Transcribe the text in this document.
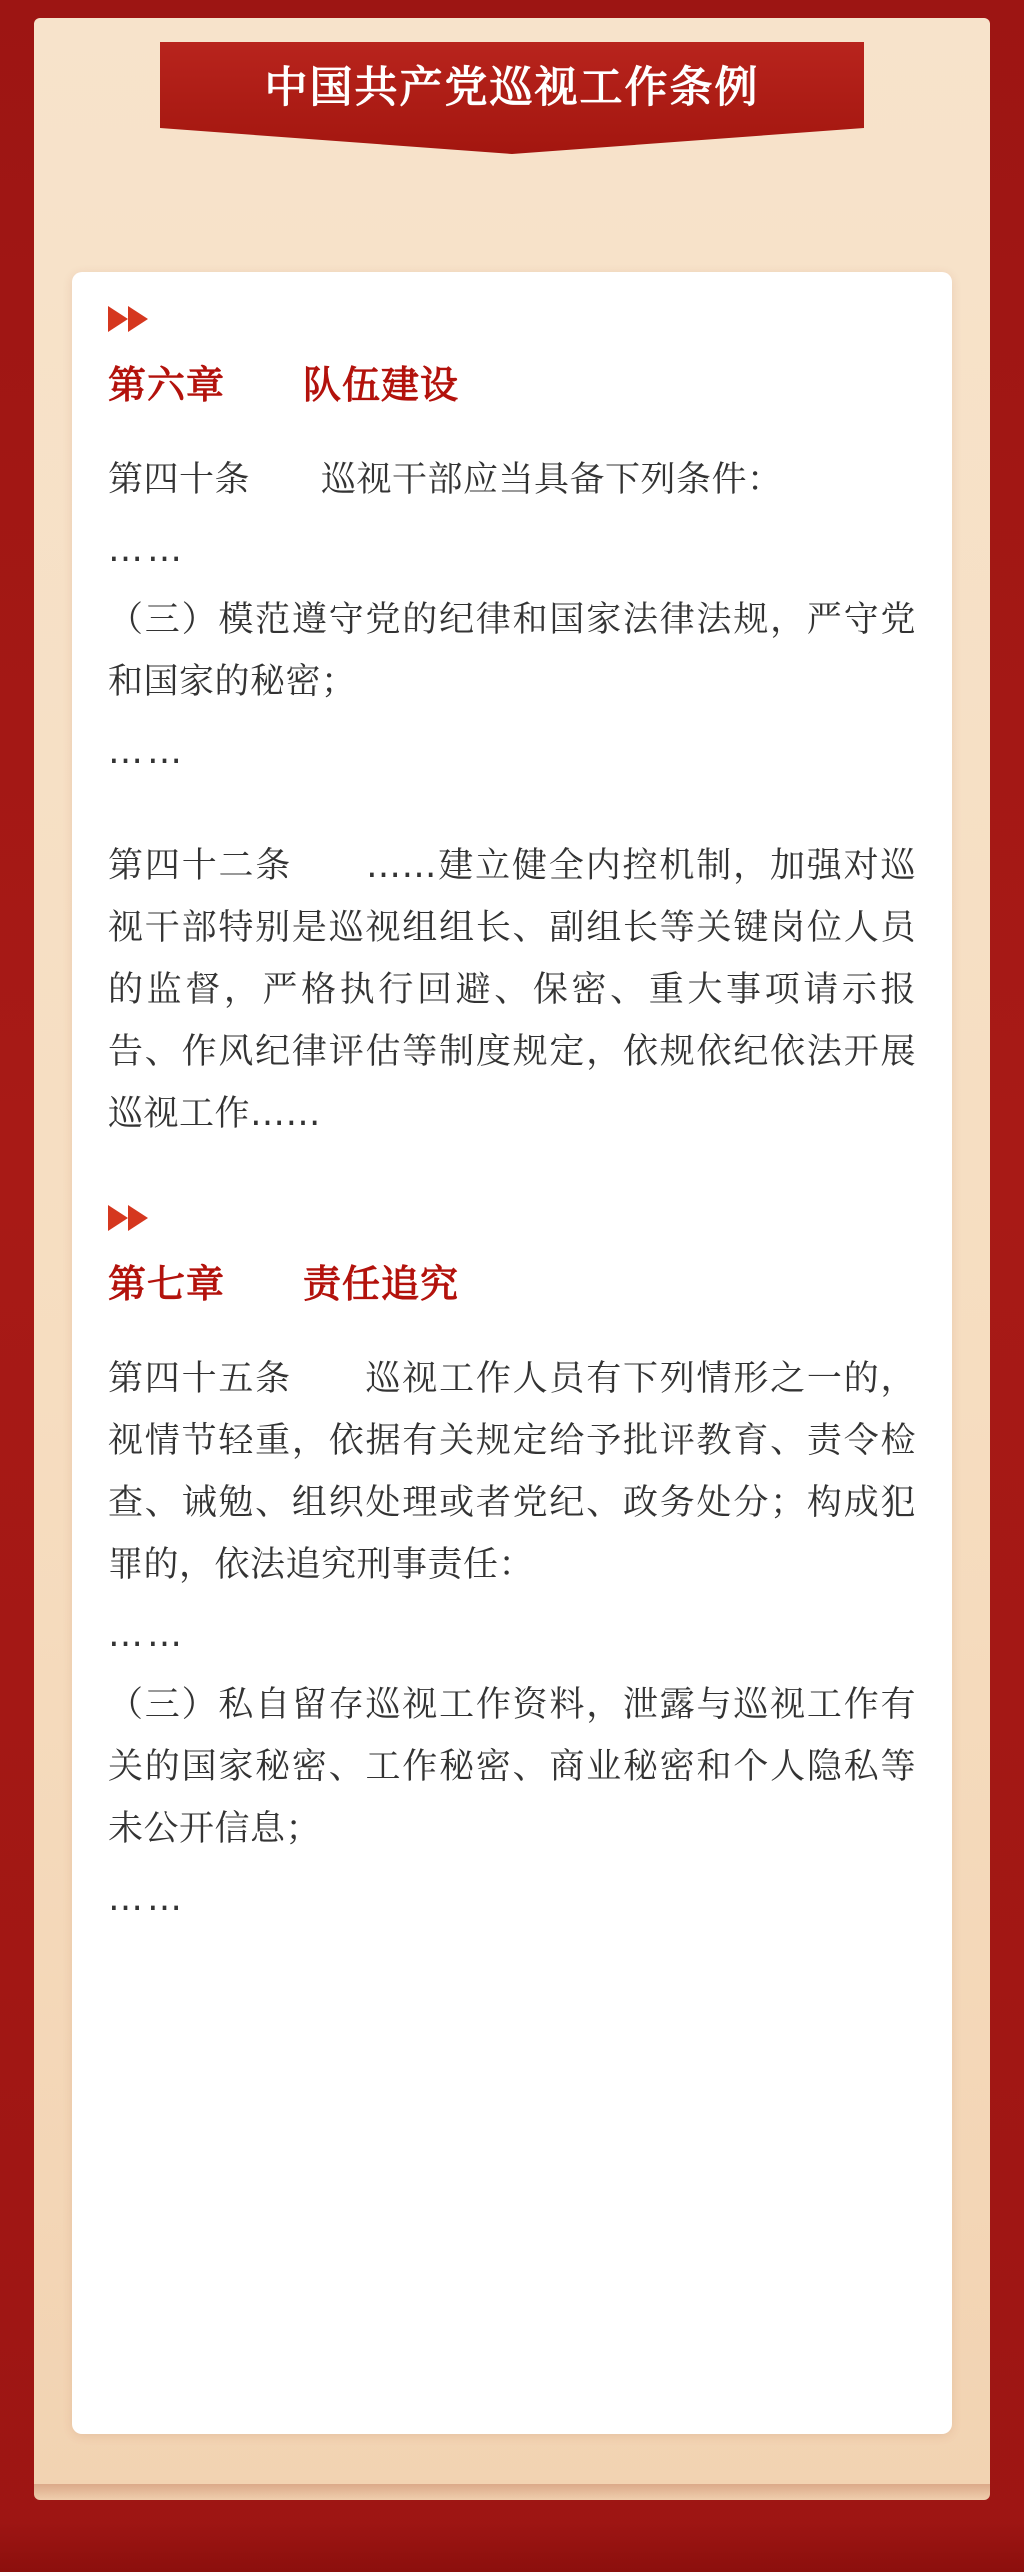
中国共产党巡视工作条例
第六章　　队伍建设

第四十条　　巡视干部应当具备下列条件：

……

（三）模范遵守党的纪律和国家法律法规，严守党和国家的秘密；

……

第四十二条　　……建立健全内控机制，加强对巡视干部特别是巡视组组长、副组长等关键岗位人员的监督，严格执行回避、保密、重大事项请示报告、作风纪律评估等制度规定，依规依纪依法开展巡视工作……

第七章　　责任追究

第四十五条　　巡视工作人员有下列情形之一的，视情节轻重，依据有关规定给予批评教育、责令检查、诫勉、组织处理或者党纪、政务处分；构成犯罪的，依法追究刑事责任：

……

（三）私自留存巡视工作资料，泄露与巡视工作有关的国家秘密、工作秘密、商业秘密和个人隐私等未公开信息；

……
